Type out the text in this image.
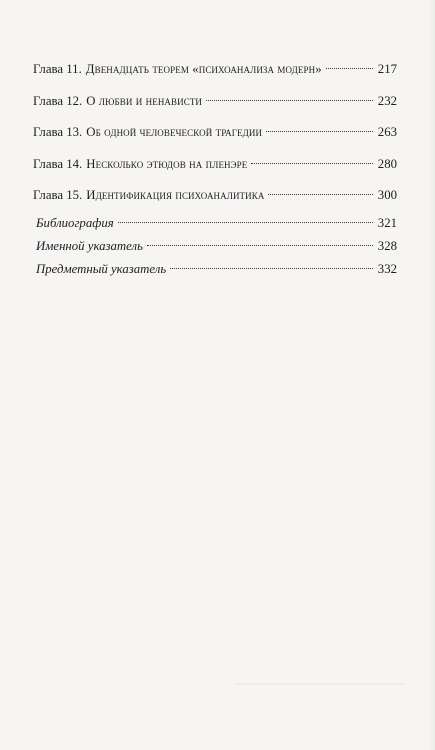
Глава 11. Двенадцать теорем «психоанализа модерн»	217
Глава 12. О любви и ненависти	232
Глава 13. Об одной человеческой трагедии	263
Глава 14. Несколько этюдов на пленэре	280
Глава 15. Идентификация психоаналитика	300
Библиография	321
Именной указатель	328
Предметный указатель	332
